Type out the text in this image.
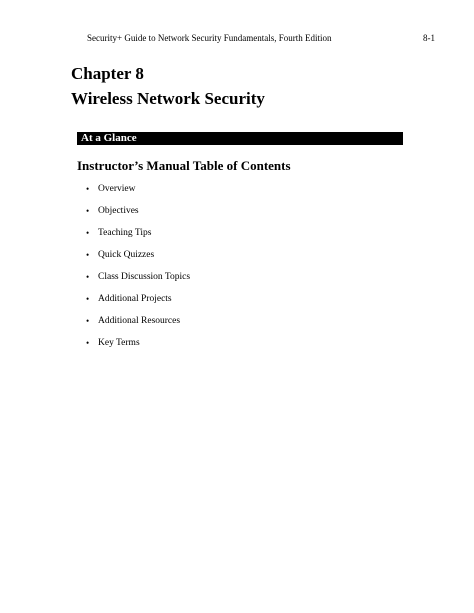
Security+ Guide to Network Security Fundamentals, Fourth Edition	8-1
Chapter 8
Wireless Network Security
At a Glance
Instructor’s Manual Table of Contents
• Overview
• Objectives
• Teaching Tips
• Quick Quizzes
• Class Discussion Topics
• Additional Projects
• Additional Resources
• Key Terms
